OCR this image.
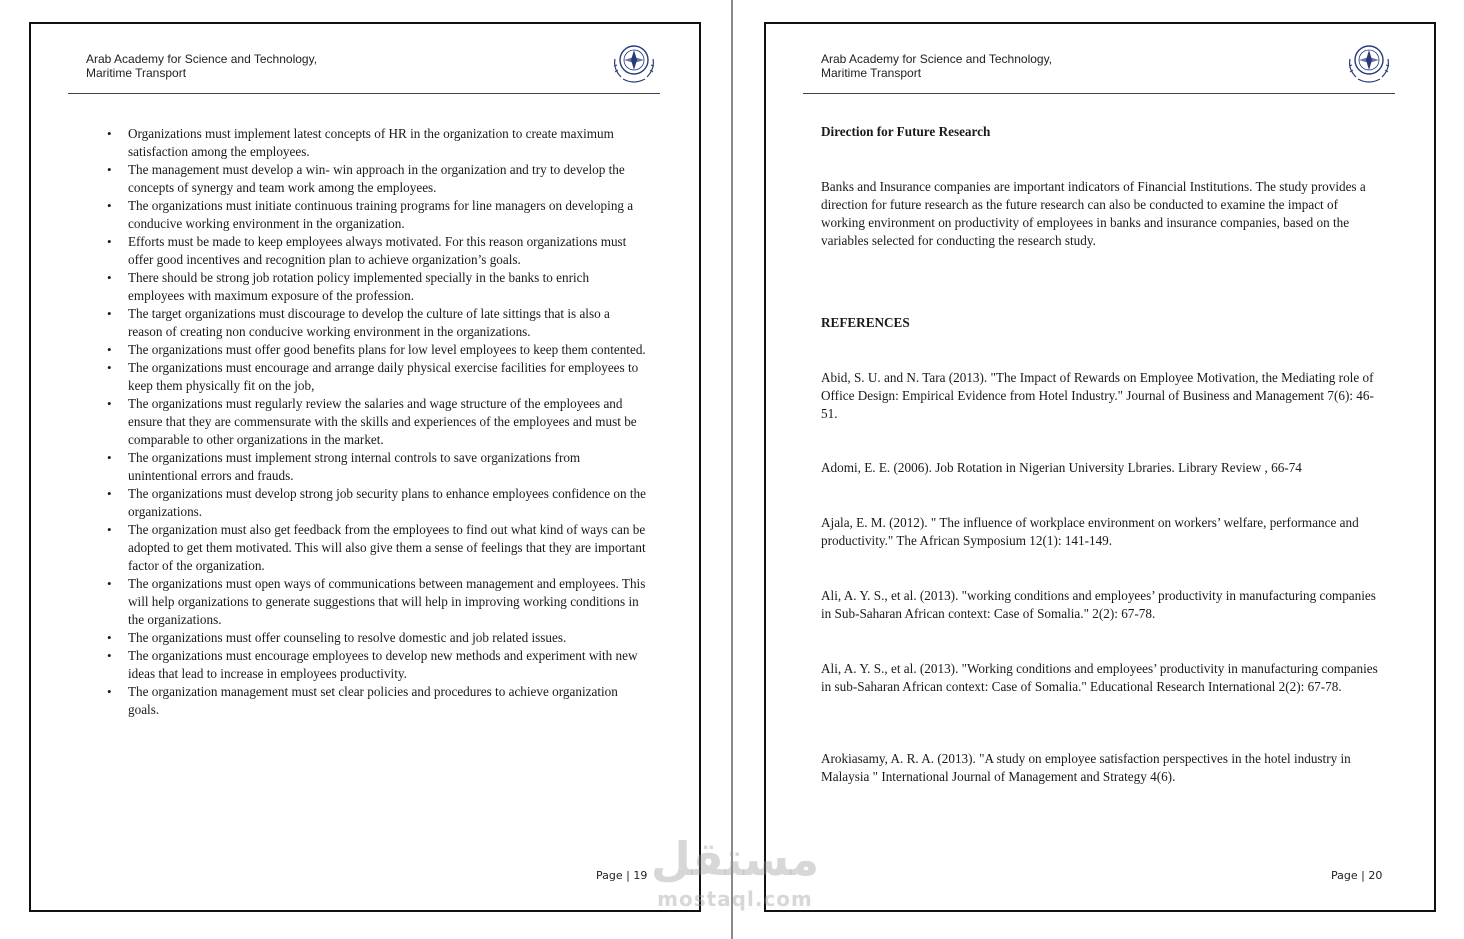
Arab Academy for Science and Technology,
Maritime Transport
• Organizations must implement latest concepts of HR in the organization to create maximum satisfaction among the employees.
• The management must develop a win- win approach in the organization and try to develop the concepts of synergy and team work among the employees.
• The organizations must initiate continuous training programs for line managers on developing a conducive working environment in the organization.
• Efforts must be made to keep employees always motivated. For this reason organizations must offer good incentives and recognition plan to achieve organization’s goals.
• There should be strong job rotation policy implemented specially in the banks to enrich employees with maximum exposure of the profession.
• The target organizations must discourage to develop the culture of late sittings that is also a reason of creating non conducive working environment in the organizations.
• The organizations must offer good benefits plans for low level employees to keep them contented.
• The organizations must encourage and arrange daily physical exercise facilities for employees to keep them physically fit on the job,
• The organizations must regularly review the salaries and wage structure of the employees and ensure that they are commensurate with the skills and experiences of the employees and must be comparable to other organizations in the market.
• The organizations must implement strong internal controls to save organizations from unintentional errors and frauds.
• The organizations must develop strong job security plans to enhance employees confidence on the organizations.
• The organization must also get feedback from the employees to find out what kind of ways can be adopted to get them motivated. This will also give them a sense of feelings that they are important factor of the organization.
• The organizations must open ways of communications between management and employees. This will help organizations to generate suggestions that will help in improving working conditions in the organizations.
• The organizations must offer counseling to resolve domestic and job related issues.
• The organizations must encourage employees to develop new methods and experiment with new ideas that lead to increase in employees productivity.
• The organization management must set clear policies and procedures to achieve organization goals.
Page | 19
Arab Academy for Science and Technology,
Maritime Transport
Direction for Future Research
Banks and Insurance companies are important indicators of Financial Institutions. The study provides a direction for future research as the future research can also be conducted to examine the impact of working environment on productivity of employees in banks and insurance companies, based on the variables selected for conducting the research study.
REFERENCES
Abid, S. U. and N. Tara (2013). "The Impact of Rewards on Employee Motivation, the Mediating role of Office Design: Empirical Evidence from Hotel Industry." Journal of Business and Management 7(6): 46-51.
Adomi, E. E. (2006). Job Rotation in Nigerian University Lbraries. Library Review , 66-74
Ajala, E. M. (2012). " The influence of workplace environment on workers’ welfare, performance and productivity." The African Symposium 12(1): 141-149.
Ali, A. Y. S., et al. (2013). "working conditions and employees’ productivity in manufacturing companies in Sub-Saharan African context: Case of Somalia." 2(2): 67-78.
Ali, A. Y. S., et al. (2013). "Working conditions and employees’ productivity in manufacturing companies in sub-Saharan African context: Case of Somalia." Educational Research International 2(2): 67-78.
Arokiasamy, A. R. A. (2013). "A study on employee satisfaction perspectives in the hotel industry in Malaysia " International Journal of Management and Strategy 4(6).
Page | 20
مستقل
mostaql.com
